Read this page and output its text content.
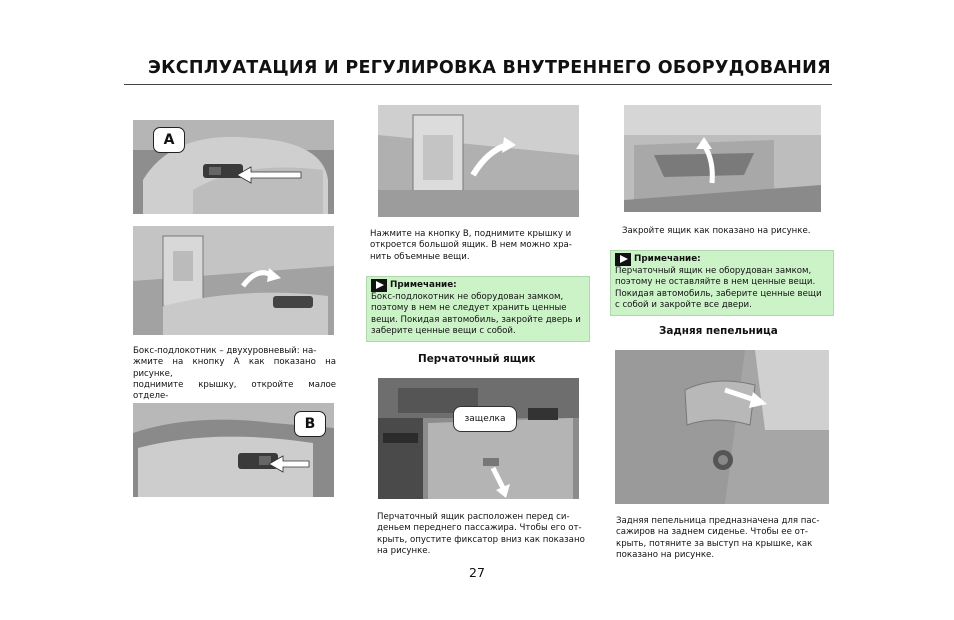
ЭКСПЛУАТАЦИЯ И РЕГУЛИРОВКА ВНУТРЕННЕГО ОБОРУДОВАНИЯ
A
Бокс-подлокотник – двухуровневый: на-
жмите на кнопку А как показано на рисунке,
поднимите крышку, откройте малое отделе-

B
Нажмите на кнопку В, поднимите крышку и
откроется большой ящик. В нем можно хра-
нить объемные вещи.
Примечание:
Бокс-подлокотник не оборудован замком,
поэтому в нем не следует хранить ценные
вещи. Покидая автомобиль, закройте дверь и
заберите ценные вещи с собой.
Перчаточный ящик
защелка
Перчаточный ящик расположен перед си-
деньем переднего пассажира. Чтобы его от-
крыть, опустите фиксатор вниз как показано
на рисунке.
27
Закройте ящик как показано на рисунке.
Примечание:
Перчаточный ящик не оборудован замком,
поэтому не оставляйте в нем ценные вещи.
Покидая автомобиль, заберите ценные вещи
с собой и закройте все двери.
Задняя пепельница
Задняя пепельница предназначена для пас-
сажиров на заднем сиденье. Чтобы ее от-
крыть, потяните за выступ на крышке, как
показано на рисунке.
